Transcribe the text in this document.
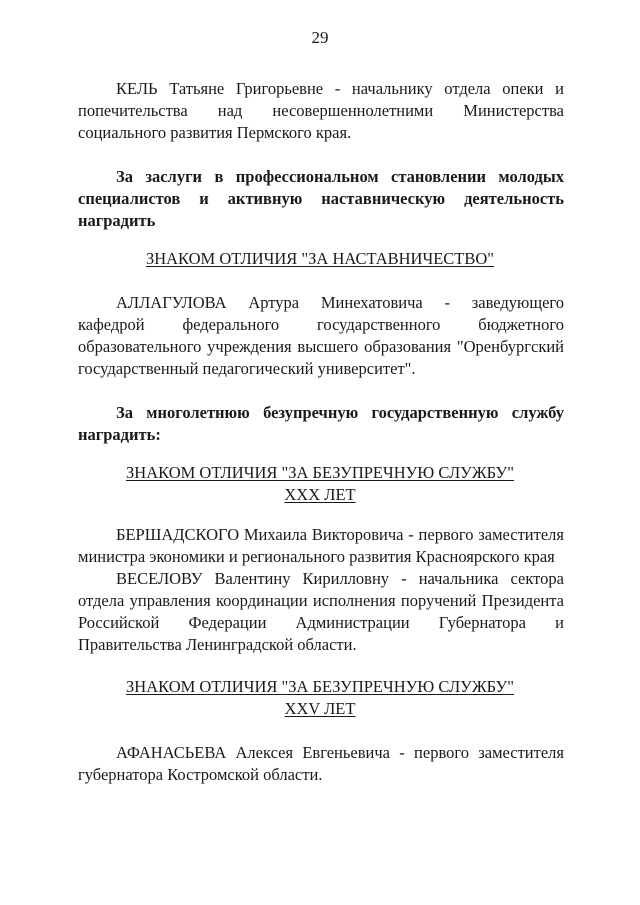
29

КЕЛЬ Татьяне Григорьевне - начальнику отдела опеки и попечительства над несовершеннолетними Министерства социального развития Пермского края.

За заслуги в профессиональном становлении молодых специалистов и активную наставническую деятельность наградить

ЗНАКОМ ОТЛИЧИЯ "ЗА НАСТАВНИЧЕСТВО"

АЛЛАГУЛОВА Артура Минехатовича - заведующего кафедрой федерального государственного бюджетного образовательного учреждения высшего образования "Оренбургский государственный педагогический университет".

За многолетнюю безупречную государственную службу наградить:

ЗНАКОМ ОТЛИЧИЯ "ЗА БЕЗУПРЕЧНУЮ СЛУЖБУ"
XXX ЛЕТ

БЕРШАДСКОГО Михаила Викторовича - первого заместителя министра экономики и регионального развития Красноярского края

ВЕСЕЛОВУ Валентину Кирилловну - начальника сектора отдела управления координации исполнения поручений Президента Российской Федерации Администрации Губернатора и Правительства Ленинградской области.

ЗНАКОМ ОТЛИЧИЯ "ЗА БЕЗУПРЕЧНУЮ СЛУЖБУ"
XXV ЛЕТ

АФАНАСЬЕВА Алексея Евгеньевича - первого заместителя губернатора Костромской области.
